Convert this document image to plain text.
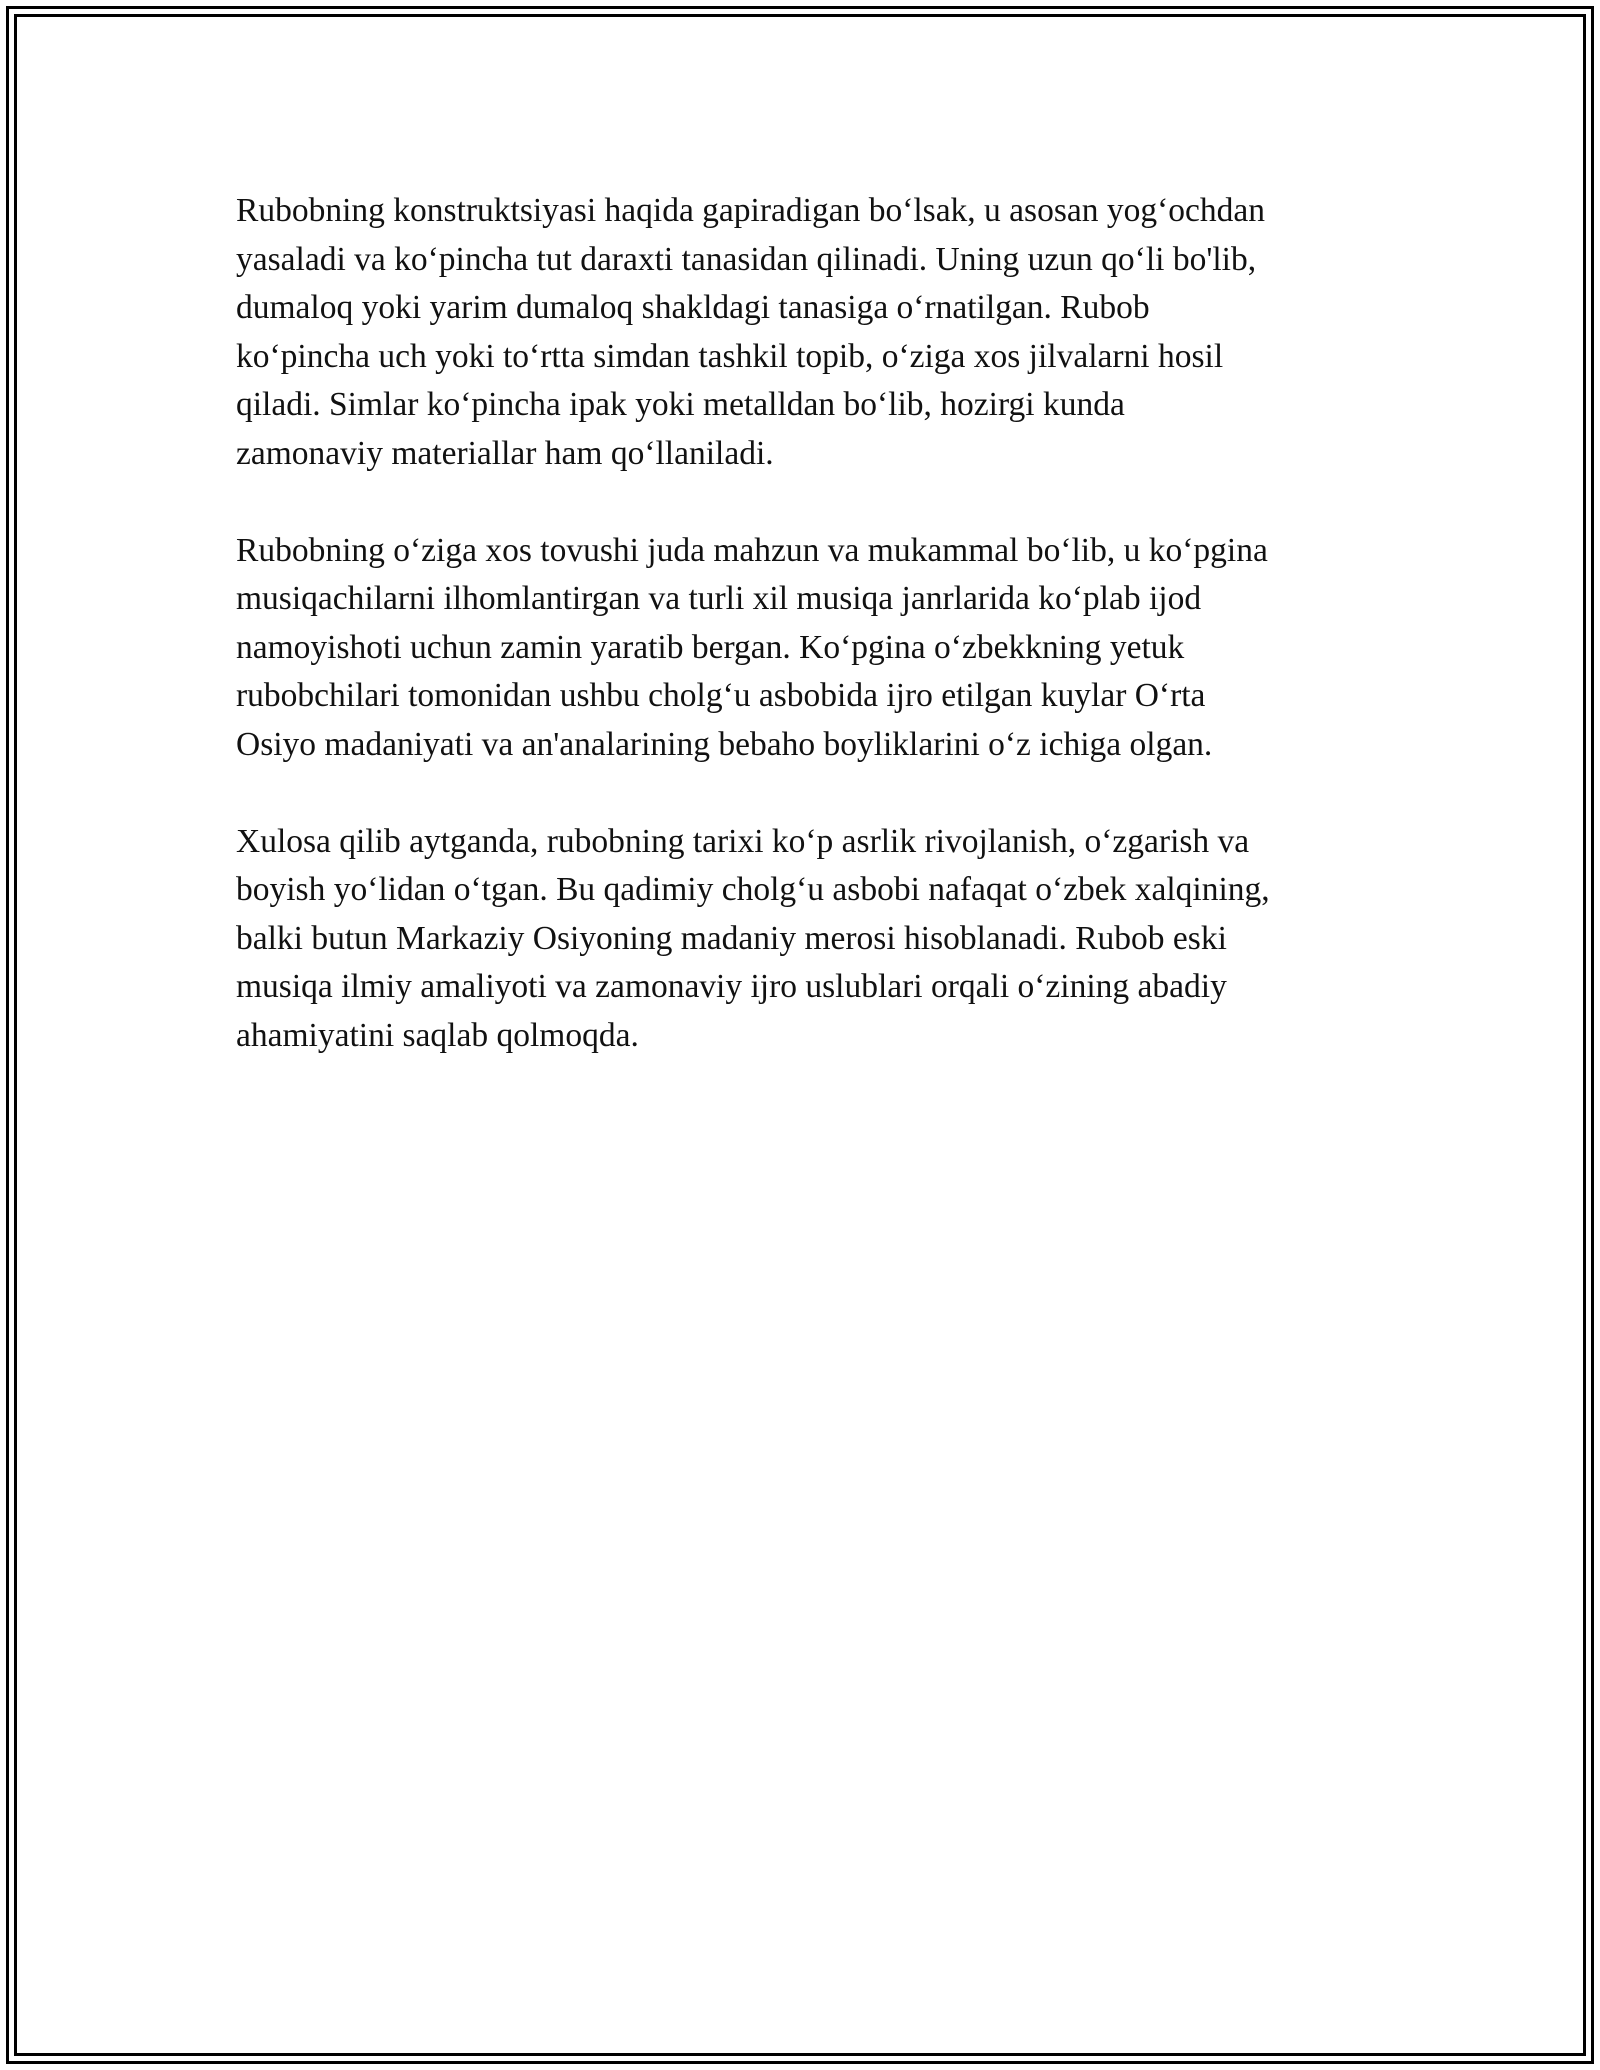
Rubobning konstruktsiyasi haqida gapiradigan bo‘lsak, u asosan yog‘ochdan
yasaladi va ko‘pincha tut daraxti tanasidan qilinadi. Uning uzun qo‘li bo'lib,
dumaloq yoki yarim dumaloq shakldagi tanasiga o‘rnatilgan. Rubob
ko‘pincha uch yoki to‘rtta simdan tashkil topib, o‘ziga xos jilvalarni hosil
qiladi. Simlar ko‘pincha ipak yoki metalldan bo‘lib, hozirgi kunda
zamonaviy materiallar ham qo‘llaniladi.

Rubobning o‘ziga xos tovushi juda mahzun va mukammal bo‘lib, u ko‘pgina
musiqachilarni ilhomlantirgan va turli xil musiqa janrlarida ko‘plab ijod
namoyishoti uchun zamin yaratib bergan. Ko‘pgina o‘zbekkning yetuk
rubobchilari tomonidan ushbu cholg‘u asbobida ijro etilgan kuylar O‘rta
Osiyo madaniyati va an'analarining bebaho boyliklarini o‘z ichiga olgan.

Xulosa qilib aytganda, rubobning tarixi ko‘p asrlik rivojlanish, o‘zgarish va
boyish yo‘lidan o‘tgan. Bu qadimiy cholg‘u asbobi nafaqat o‘zbek xalqining,
balki butun Markaziy Osiyoning madaniy merosi hisoblanadi. Rubob eski
musiqa ilmiy amaliyoti va zamonaviy ijro uslublari orqali o‘zining abadiy
ahamiyatini saqlab qolmoqda.
